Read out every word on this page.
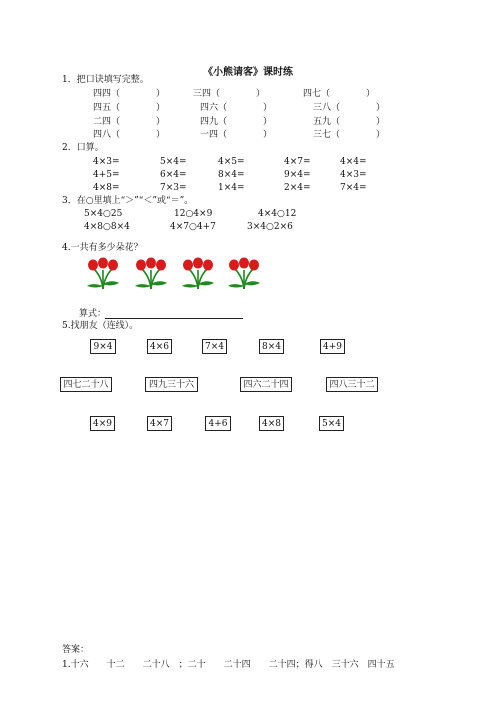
《小熊请客》课时练
1．把口诀填写完整。
四四（　　　　）	三四（　　　　）	四七（　　　　）
四五（　　　　）	四六（　　　　）	三八（　　　　）
二四（　　　　）	四九（　　　　）	五九（　　　　）
四八（　　　　）	一四（　　　　）	三七（　　　　）
2．口算。
4×3=	5×4=	4×5=	4×7=	4×4=
4+5=	6×4=	8×4=	9×4=	4×3=
4×8=	7×3=	1×4=	2×4=	7×4=
3．在○里填上“＞”“＜”或“＝”。
5×4○25	12○4×9	4×4○12
4×8○8×4	4×7○4+7	3×4○2×6
4.一共有多少朵花？
算式：
5.找朋友（连线）。
9×4	4×6	7×4	8×4	4+9
四七二十八	四九三十六	四六二十四	四八三十二
4×9	4×7	4+6	4×8	5×4
答案：
1.十六　　十二　　二十八　；二十　　二十四　　二十四；得八　三十六　四十五
